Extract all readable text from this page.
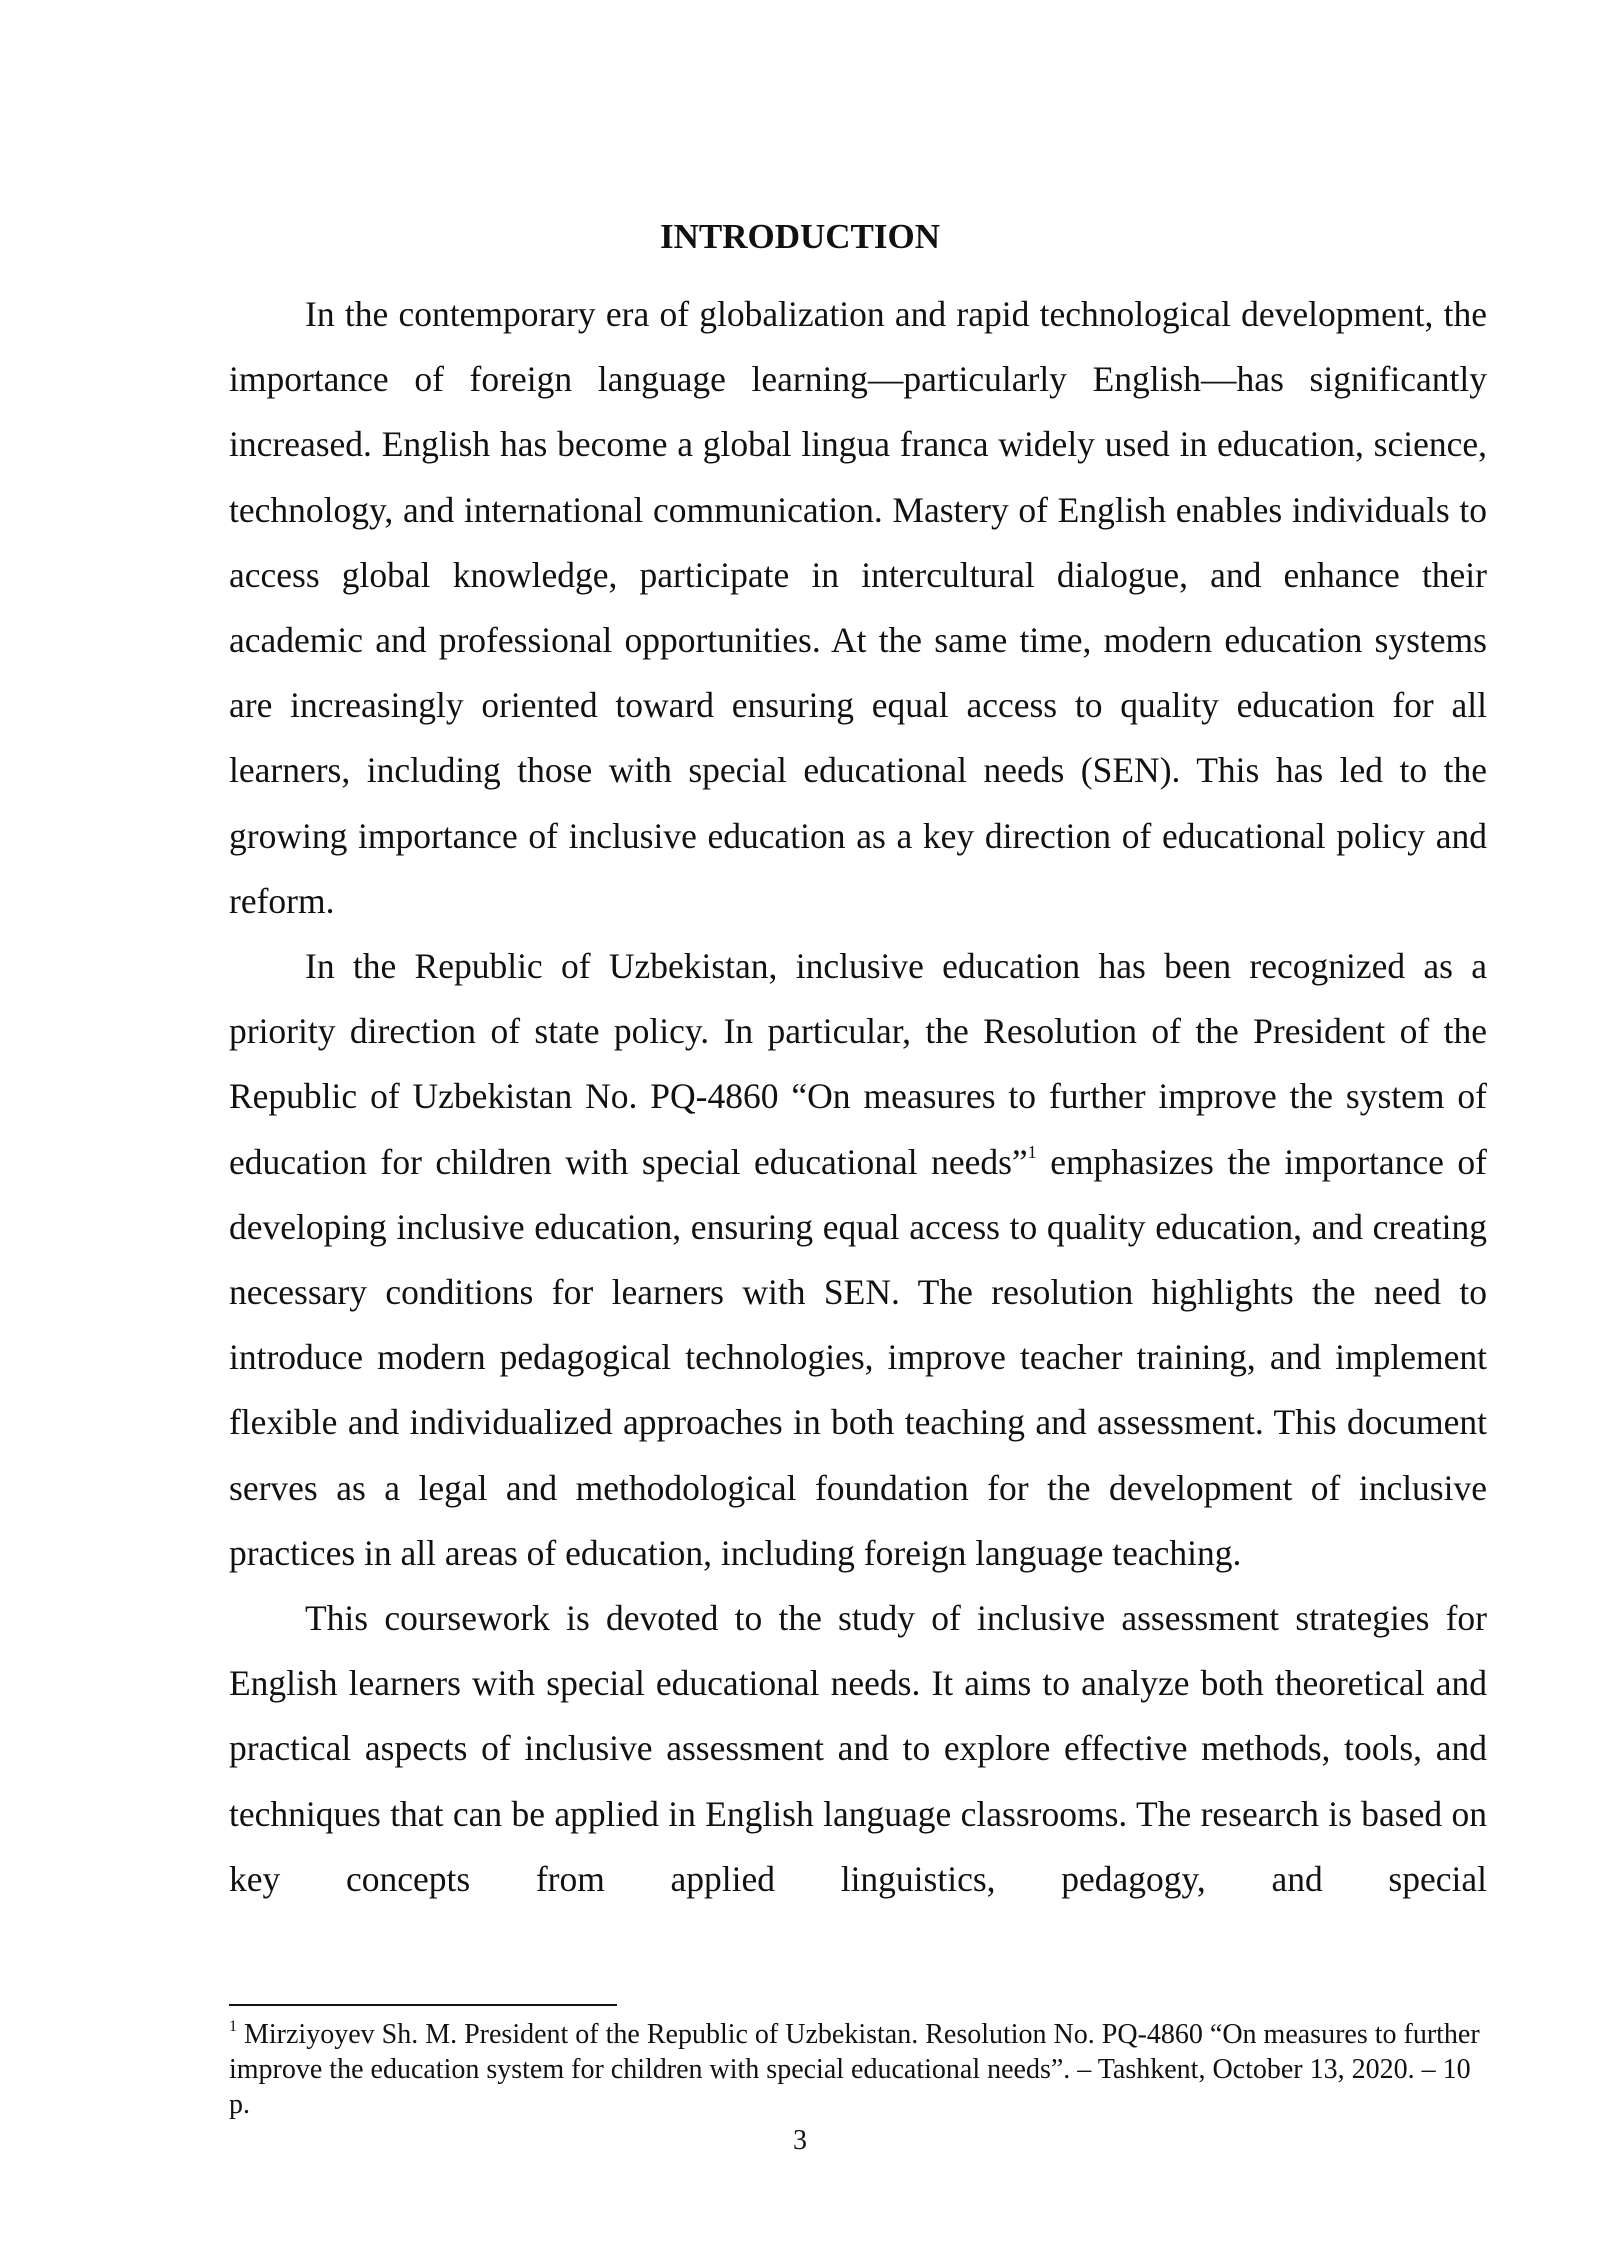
INTRODUCTION

In the contemporary era of globalization and rapid technological development, the importance of foreign language learning—particularly English—has significantly increased. English has become a global lingua franca widely used in education, science, technology, and international communication. Mastery of English enables individuals to access global knowledge, participate in intercultural dialogue, and enhance their academic and professional opportunities. At the same time, modern education systems are increasingly oriented toward ensuring equal access to quality education for all learners, including those with special educational needs (SEN). This has led to the growing importance of inclusive education as a key direction of educational policy and reform.

In the Republic of Uzbekistan, inclusive education has been recognized as a priority direction of state policy. In particular, the Resolution of the President of the Republic of Uzbekistan No. PQ-4860 “On measures to further improve the system of education for children with special educational needs”$^1$ emphasizes the importance of developing inclusive education, ensuring equal access to quality education, and creating necessary conditions for learners with SEN. The resolution highlights the need to introduce modern pedagogical technologies, improve teacher training, and implement flexible and individualized approaches in both teaching and assessment. This document serves as a legal and methodological foundation for the development of inclusive practices in all areas of education, including foreign language teaching.

This coursework is devoted to the study of inclusive assessment strategies for English learners with special educational needs. It aims to analyze both theoretical and practical aspects of inclusive assessment and to explore effective methods, tools, and techniques that can be applied in English language classrooms. The research is based on key concepts from applied linguistics, pedagogy, and special

$^1$ Mirziyoyev Sh. M. President of the Republic of Uzbekistan. Resolution No. PQ-4860 “On measures to further improve the education system for children with special educational needs”. – Tashkent, October 13, 2020. – 10 p.
3
